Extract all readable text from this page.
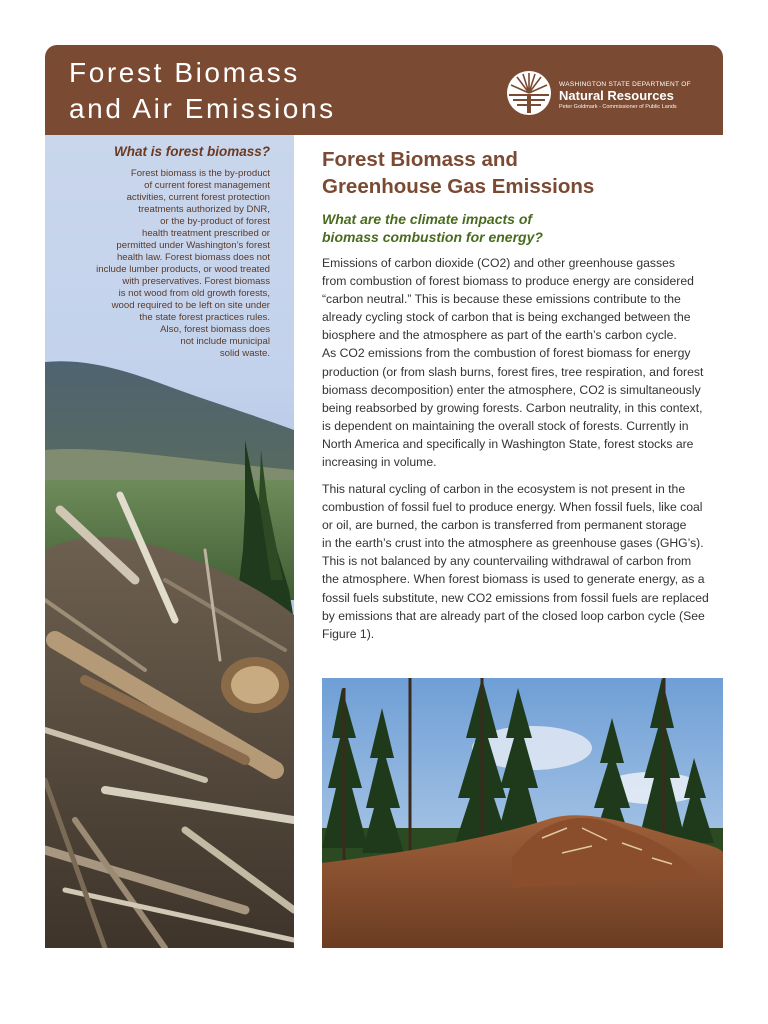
Forest Biomass
and Air Emissions
WASHINGTON STATE DEPARTMENT OF
Natural Resources
Peter Goldmark - Commissioner of Public Lands
What is forest biomass?
Forest biomass is the by-product
of current forest management
activities, current forest protection
treatments authorized by DNR,
or the by-product of forest
health treatment prescribed or
permitted under Washington’s forest
health law. Forest biomass does not
include lumber products, or wood treated
with preservatives. Forest biomass
is not wood from old growth forests,
wood required to be left on site under
the state forest practices rules.
Also, forest biomass does
not include municipal
solid waste.
Forest Biomass and
Greenhouse Gas Emissions
What are the climate impacts of
biomass combustion for energy?
Emissions of carbon dioxide (CO2) and other greenhouse gasses
from combustion of forest biomass to produce energy are considered
“carbon neutral.” This is because these emissions contribute to the
already cycling stock of carbon that is being exchanged between the
biosphere and the atmosphere as part of the earth’s carbon cycle.
As CO2 emissions from the combustion of forest biomass for energy
production (or from slash burns, forest fires, tree respiration, and forest
biomass decomposition) enter the atmosphere, CO2 is simultaneously
being reabsorbed by growing forests. Carbon neutrality, in this context,
is dependent on maintaining the overall stock of forests. Currently in
North America and specifically in Washington State, forest stocks are
increasing in volume.
This natural cycling of carbon in the ecosystem is not present in the
combustion of fossil fuel to produce energy. When fossil fuels, like coal
or oil, are burned, the carbon is transferred from permanent storage
in the earth’s crust into the atmosphere as greenhouse gases (GHG’s).
This is not balanced by any countervailing withdrawal of carbon from
the atmosphere. When forest biomass is used to generate energy, as a
fossil fuels substitute, new CO2 emissions from fossil fuels are replaced
by emissions that are already part of the closed loop carbon cycle (See
Figure 1).
